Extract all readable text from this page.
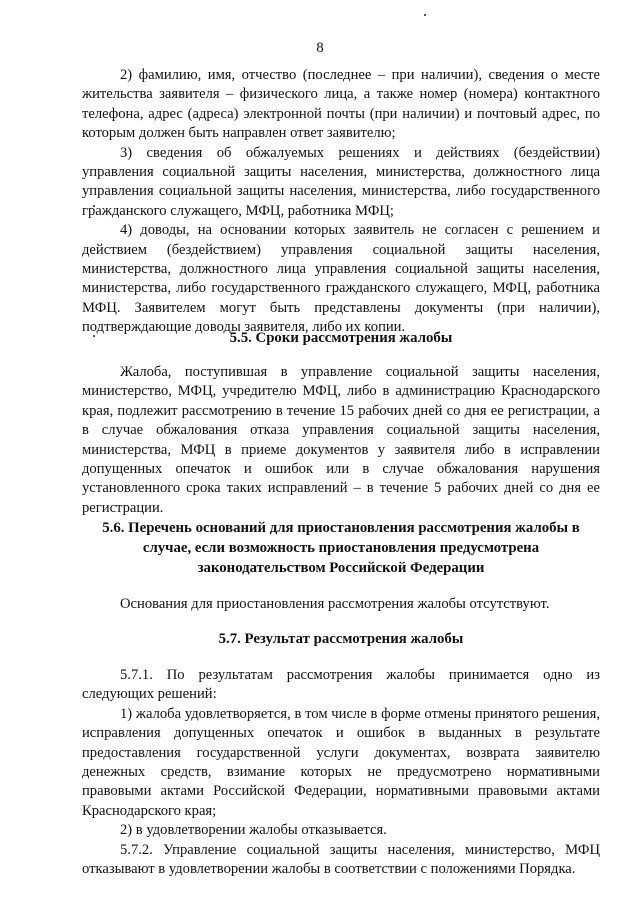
8

2) фамилию, имя, отчество (последнее – при наличии), сведения о месте жительства заявителя – физического лица, а также номер (номера) контактного телефона, адрес (адреса) электронной почты (при наличии) и почтовый адрес, по которым должен быть направлен ответ заявителю;

3) сведения об обжалуемых решениях и действиях (бездействии) управления социальной защиты населения, министерства, должностного лица управления социальной защиты населения, министерства, либо государственного гражданского служащего, МФЦ, работника МФЦ;

4) доводы, на основании которых заявитель не согласен с решением и действием (бездействием) управления социальной защиты населения, министерства, должностного лица управления социальной защиты населения, министерства, либо государственного гражданского служащего, МФЦ, работника МФЦ. Заявителем могут быть представлены документы (при наличии), подтверждающие доводы заявителя, либо их копии.

5.5. Сроки рассмотрения жалобы

Жалоба, поступившая в управление социальной защиты населения, министерство, МФЦ, учредителю МФЦ, либо в администрацию Краснодарского края, подлежит рассмотрению в течение 15 рабочих дней со дня ее регистрации, а в случае обжалования отказа управления социальной защиты населения, министерства, МФЦ в приеме документов у заявителя либо в исправлении допущенных опечаток и ошибок или в случае обжалования нарушения установленного срока таких исправлений – в течение 5 рабочих дней со дня ее регистрации.

5.6. Перечень оснований для приостановления рассмотрения жалобы в случае, если возможность приостановления предусмотрена законодательством Российской Федерации

Основания для приостановления рассмотрения жалобы отсутствуют.

5.7. Результат рассмотрения жалобы

5.7.1. По результатам рассмотрения жалобы принимается одно из следующих решений:

1) жалоба удовлетворяется, в том числе в форме отмены принятого решения, исправления допущенных опечаток и ошибок в выданных в результате предоставления государственной услуги документах, возврата заявителю денежных средств, взимание которых не предусмотрено нормативными правовыми актами Российской Федерации, нормативными правовыми актами Краснодарского края;

2) в удовлетворении жалобы отказывается.

5.7.2. Управление социальной защиты населения, министерство, МФЦ отказывают в удовлетворении жалобы в соответствии с положениями Порядка.
